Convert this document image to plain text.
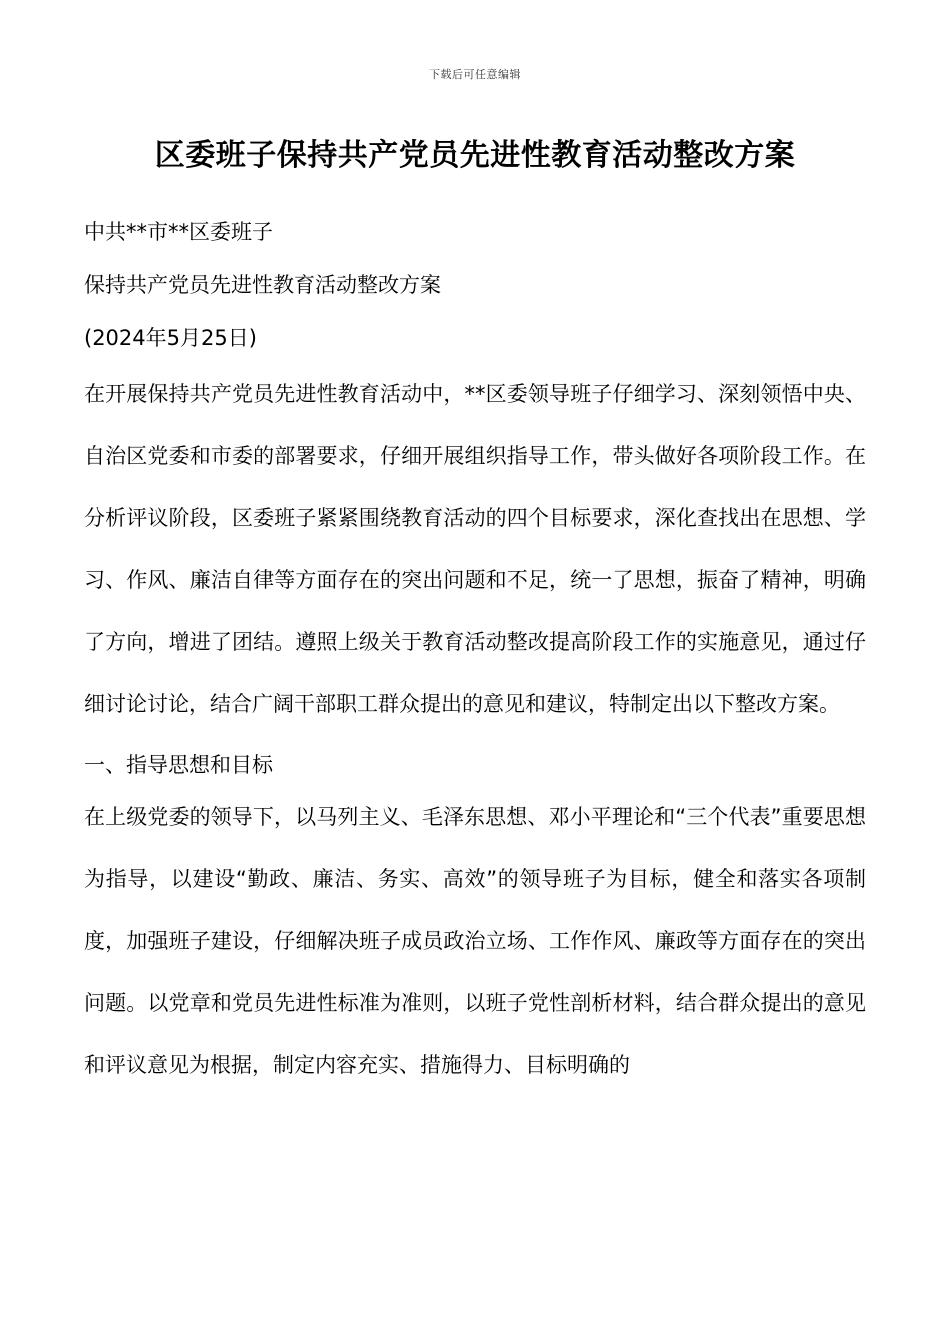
下载后可任意编辑
区委班子保持共产党员先进性教育活动整改方案

中共**市**区委班子

保持共产党员先进性教育活动整改方案

(2024年5月25日)

在开展保持共产党员先进性教育活动中，**区委领导班子仔细学习、深刻领悟中央、自治区党委和市委的部署要求，仔细开展组织指导工作，带头做好各项阶段工作。在分析评议阶段，区委班子紧紧围绕教育活动的四个目标要求，深化查找出在思想、学习、作风、廉洁自律等方面存在的突出问题和不足，统一了思想，振奋了精神，明确了方向，增进了团结。遵照上级关于教育活动整改提高阶段工作的实施意见，通过仔细讨论讨论，结合广阔干部职工群众提出的意见和建议，特制定出以下整改方案。

一、指导思想和目标

在上级党委的领导下，以马列主义、毛泽东思想、邓小平理论和“三个代表”重要思想为指导，以建设“勤政、廉洁、务实、高效”的领导班子为目标，健全和落实各项制度，加强班子建设，仔细解决班子成员政治立场、工作作风、廉政等方面存在的突出问题。以党章和党员先进性标准为准则，以班子党性剖析材料，结合群众提出的意见和评议意见为根据，制定内容充实、措施得力、目标明确的
